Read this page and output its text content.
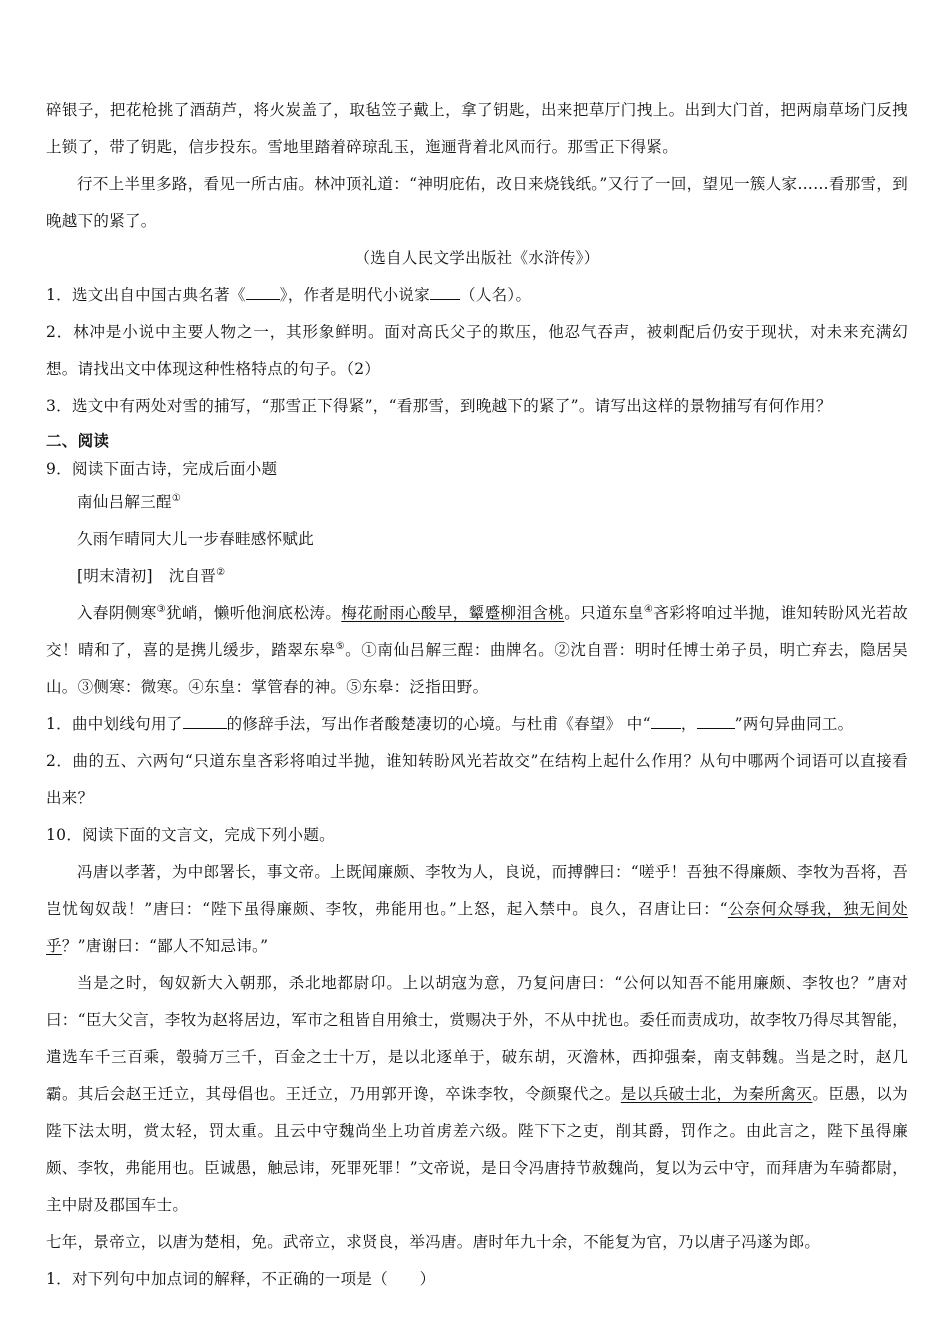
碎银子，把花枪挑了酒葫芦，将火炭盖了，取毡笠子戴上，拿了钥匙，出来把草厅门拽上。出到大门首，把两扇草场门反拽上锁了，带了钥匙，信步投东。雪地里踏着碎琼乱玉，迤逦背着北风而行。那雪正下得紧。

行不上半里多路，看见一所古庙。林冲顶礼道：“神明庇佑，改日来烧钱纸。”又行了一回，望见一簇人家……看那雪，到晚越下的紧了。

（选自人民文学出版社《水浒传》）

1．选文出自中国古典名著《 》，作者是明代小说家 （人名）。

2．林冲是小说中主要人物之一，其形象鲜明。面对高氏父子的欺压，他忍气吞声，被刺配后仍安于现状，对未来充满幻想。请找出文中体现这种性格特点的句子。（2）

3．选文中有两处对雪的捕写，“那雪正下得紧”，“看那雪，到晚越下的紧了”。请写出这样的景物捕写有何作用？

二、阅读

9．阅读下面古诗，完成后面小题

南仙吕解三酲①

久雨乍晴同大儿一步春畦感怀赋此

[明末清初]　沈自晋②

入春阴侧寒③犹峭，懒听他涧底松涛。梅花耐雨心酸早，颦蹙柳泪含桃。只道东皇④吝彩将咱过半抛，谁知转盼风光若故交！晴和了，喜的是携儿缓步，踏翠东皋⑤。①南仙吕解三酲：曲牌名。②沈自晋：明时任博士弟子员，明亡弃去，隐居吴山。③侧寒：微寒。④东皇：掌管春的神。⑤东皋：泛指田野。

1．曲中划线句用了	的修辞手法，写出作者酸楚凄切的心境。与杜甫《春望》 中“ ， ”两句异曲同工。

2．曲的五、六两句“只道东皇吝彩将咱过半抛，谁知转盼风光若故交”在结构上起什么作用？从句中哪两个词语可以直接看出来？

10．阅读下面的文言文，完成下列小题。

冯唐以孝著，为中郎署长，事文帝。上既闻廉颇、李牧为人，良说，而搏髀曰：“嗟乎！吾独不得廉颇、李牧为吾将，吾岂忧匈奴哉！”唐曰：“陛下虽得廉颇、李牧，弗能用也。”上怒，起入禁中。良久，召唐让曰：“公奈何众辱我，独无间处乎？”唐谢曰：“鄙人不知忌讳。”

当是之时，匈奴新大入朝那，杀北地都尉卬。上以胡寇为意，乃复问唐曰：“公何以知吾不能用廉颇、李牧也？”唐对曰：“臣大父言，李牧为赵将居边，军市之租皆自用飨士，赏赐决于外，不从中扰也。委任而责成功，故李牧乃得尽其智能，遣选车千三百乘，彀骑万三千，百金之士十万，是以北逐单于，破东胡，灭澹林，西抑强秦，南支韩魏。当是之时，赵几霸。其后会赵王迁立，其母倡也。王迁立，乃用郭开谗，卒诛李牧，令颜聚代之。是以兵破士北，为秦所禽灭。臣愚，以为陛下法太明，赏太轻，罚太重。且云中守魏尚坐上功首虏差六级。陛下下之吏，削其爵，罚作之。由此言之，陛下虽得廉颇、李牧，弗能用也。臣诚愚，触忌讳，死罪死罪！”文帝说，是日令冯唐持节赦魏尚，复以为云中守，而拜唐为车骑都尉，主中尉及郡国车士。

七年，景帝立，以唐为楚相，免。武帝立，求贤良，举冯唐。唐时年九十余，不能复为官，乃以唐子冯遂为郎。

1．对下列句中加点词的解释，不正确的一项是（　　）
